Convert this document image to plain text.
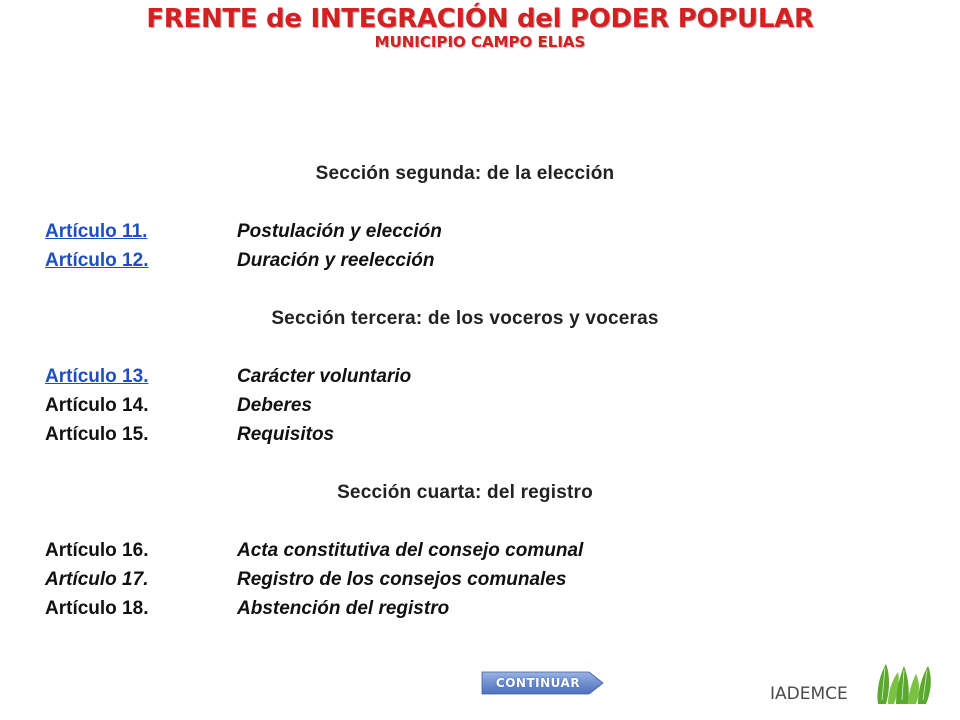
FRENTE de INTEGRACIÓN del PODER POPULAR
MUNICIPIO CAMPO ELIAS
Sección segunda: de la elección
Artículo 11.	Postulación y elección
Artículo 12.	Duración y reelección
Sección tercera: de los voceros y voceras
Artículo 13.	Carácter voluntario
Artículo 14.	Deberes
Artículo 15.	Requisitos
Sección cuarta: del registro
Artículo 16.	Acta constitutiva del consejo comunal
Artículo 17.	Registro de los consejos comunales
Artículo 18.	Abstención del registro
CONTINUAR
IADEMCE
